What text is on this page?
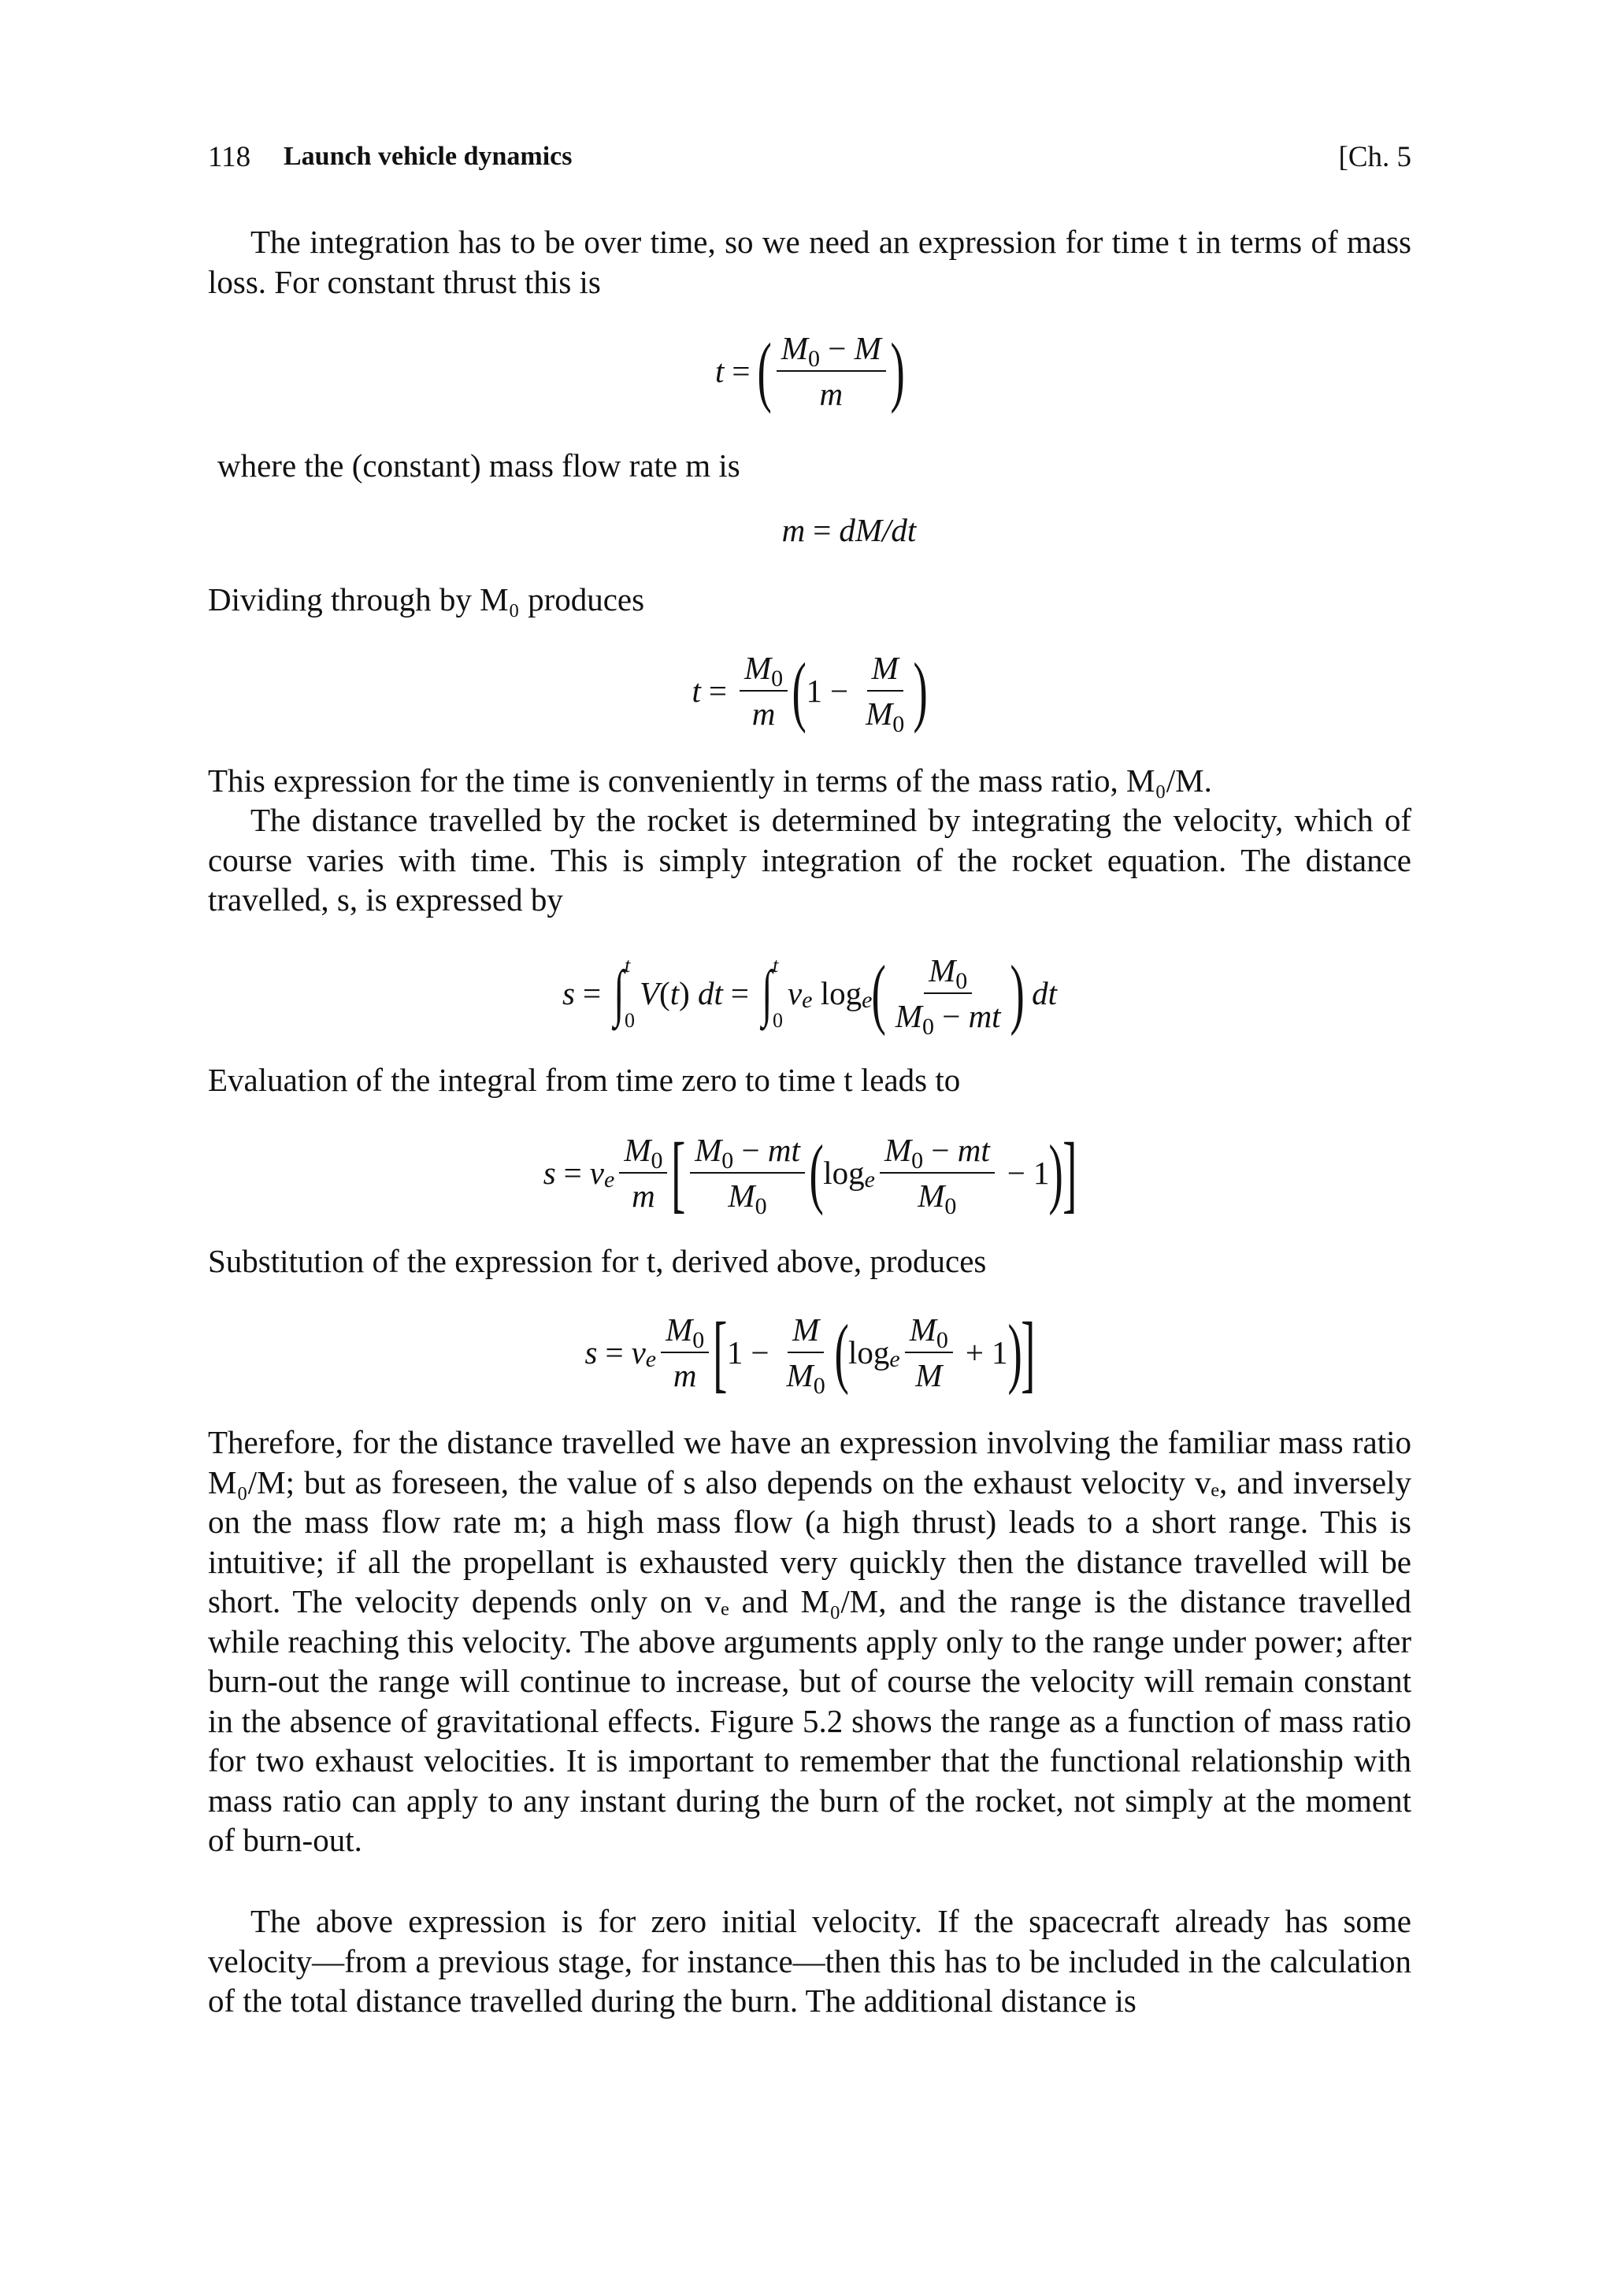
118 Launch vehicle dynamics	[Ch. 5
The integration has to be over time, so we need an expression for time t in terms of mass loss. For constant thrust this is
t = ( $\frac{M_0 - M}{m}$ )
where the (constant) mass flow rate m is
m = dM/dt
Dividing through by M₀ produces
$t = \frac{M_0}{m}$ ( $1 - \frac{M}{M_0}$ )
This expression for the time is conveniently in terms of the mass ratio, M₀/M.
The distance travelled by the rocket is determined by integrating the velocity, which of course varies with time. This is simply integration of the rocket equation. The distance travelled, s, is expressed by
s = ∫ t
0
V ( t )
dt = ∫ t
0
v e
log e ( $\frac{M_0}{M_0 - mt}$ )
dt
Evaluation of the integral from time zero to time t leads to
s = v e $\frac{M_0}{m}$ [ $\frac{M_0 - mt}{M_0}$ ( log e $\frac{M_0 - mt}{M_0} - 1$ )
]
Substitution of the expression for t, derived above, produces
s = v e $\frac{M_0}{m}$ [ $1 - \frac{M}{M_0}$ ( log e $\frac{M_0}{M} + 1$ )
]
Therefore, for the distance travelled we have an expression involving the familiar mass ratio M₀/M; but as foreseen, the value of s also depends on the exhaust velocity vₑ, and inversely on the mass flow rate m; a high mass flow (a high thrust) leads to a short range. This is intuitive; if all the propellant is exhausted very quickly then the distance travelled will be short. The velocity depends only on vₑ and M₀/M, and the range is the distance travelled while reaching this velocity. The above arguments apply only to the range under power; after burn-out the range will continue to increase, but of course the velocity will remain constant in the absence of gravitational effects. Figure 5.2 shows the range as a function of mass ratio for two exhaust velocities. It is important to remember that the functional relationship with mass ratio can apply to any instant during the burn of the rocket, not simply at the moment of burn-out.
The above expression is for zero initial velocity. If the spacecraft already has some velocity—from a previous stage, for instance—then this has to be included in the calculation of the total distance travelled during the burn. The additional distance is
